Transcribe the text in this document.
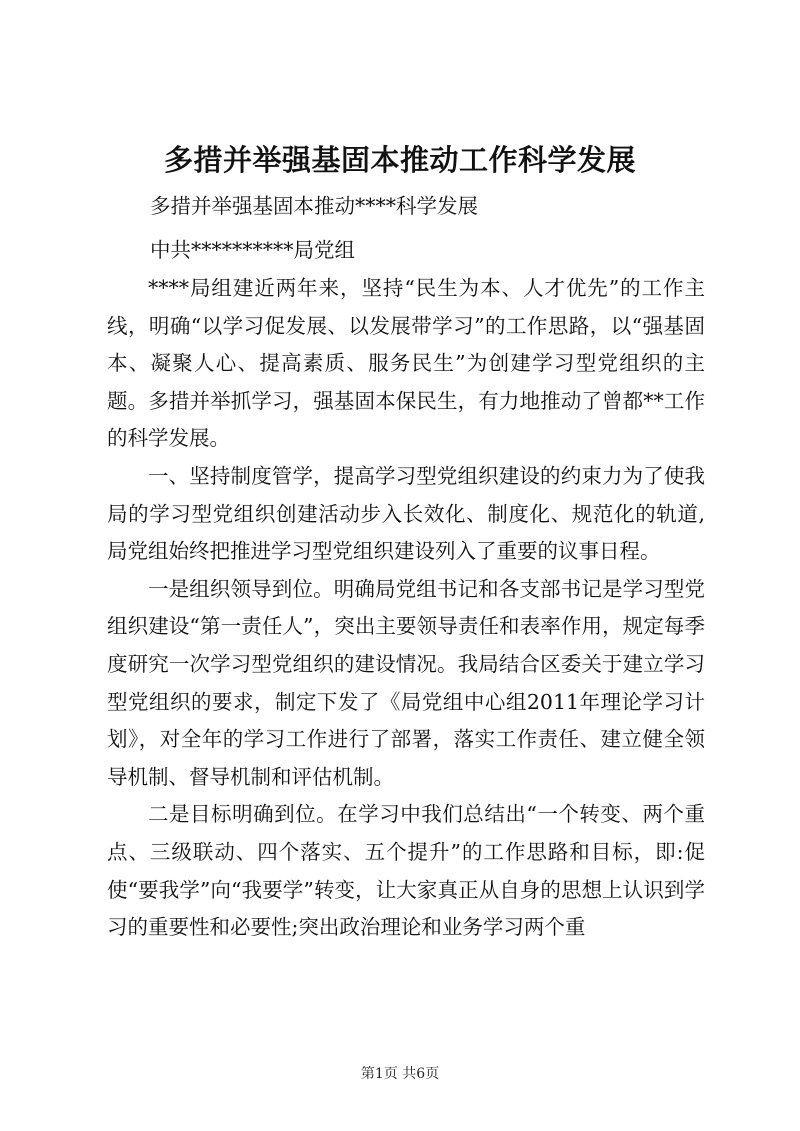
多措并举强基固本推动工作科学发展
多措并举强基固本推动****科学发展
中共**********局党组

****局组建近两年来，坚持“民生为本、人才优先”的工作主线，明确“以学习促发展、以发展带学习”的工作思路，以“强基固本、凝聚人心、提高素质、服务民生”为创建学习型党组织的主题。多措并举抓学习，强基固本保民生，有力地推动了曾都**工作的科学发展。

一、坚持制度管学，提高学习型党组织建设的约束力为了使我局的学习型党组织创建活动步入长效化、制度化、规范化的轨道,局党组始终把推进学习型党组织建设列入了重要的议事日程。

一是组织领导到位。明确局党组书记和各支部书记是学习型党组织建设“第一责任人”，突出主要领导责任和表率作用，规定每季度研究一次学习型党组织的建设情况。我局结合区委关于建立学习型党组织的要求，制定下发了《局党组中心组2011年理论学习计划》，对全年的学习工作进行了部署，落实工作责任、建立健全领导机制、督导机制和评估机制。

二是目标明确到位。在学习中我们总结出“一个转变、两个重点、三级联动、四个落实、五个提升”的工作思路和目标，即:促使“要我学”向“我要学”转变，让大家真正从自身的思想上认识到学习的重要性和必要性;突出政治理论和业务学习两个重

第1页 共6页
